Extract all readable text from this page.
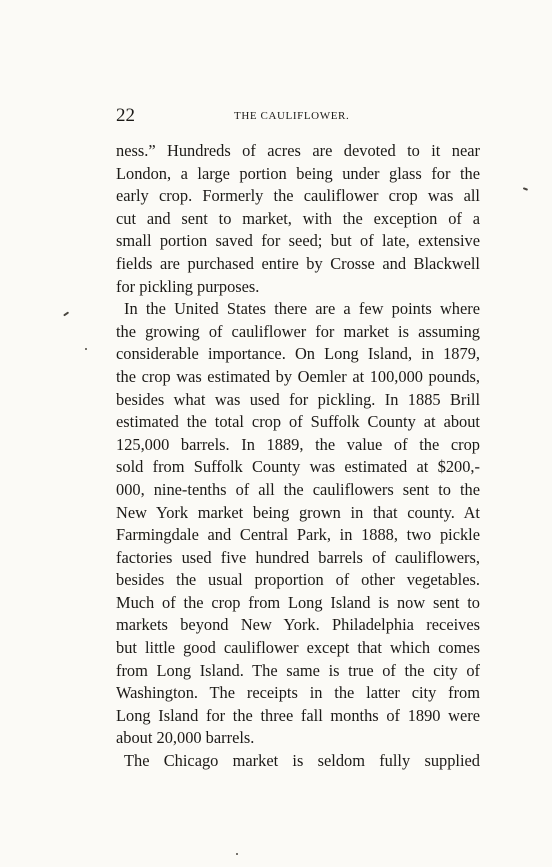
22	THE CAULIFLOWER.
ness.” Hundreds of acres are devoted to it near
London, a large portion being under glass for the
early crop. Formerly the cauliflower crop was all
cut and sent to market, with the exception of a
small portion saved for seed; but of late, extensive
fields are purchased entire by Crosse and Blackwell
for pickling purposes.
In the United States there are a few points where
the growing of cauliflower for market is assuming
considerable importance. On Long Island, in 1879,
the crop was estimated by Oemler at 100,000 pounds,
besides what was used for pickling. In 1885 Brill
estimated the total crop of Suffolk County at about
125,000 barrels. In 1889, the value of the crop
sold from Suffolk County was estimated at $200,-
000, nine-tenths of all the cauliflowers sent to the
New York market being grown in that county. At
Farmingdale and Central Park, in 1888, two pickle
factories used five hundred barrels of cauliflowers,
besides the usual proportion of other vegetables.
Much of the crop from Long Island is now sent to
markets beyond New York. Philadelphia receives
but little good cauliflower except that which comes
from Long Island. The same is true of the city of
Washington. The receipts in the latter city from
Long Island for the three fall months of 1890 were
about 20,000 barrels.
The Chicago market is seldom fully supplied
